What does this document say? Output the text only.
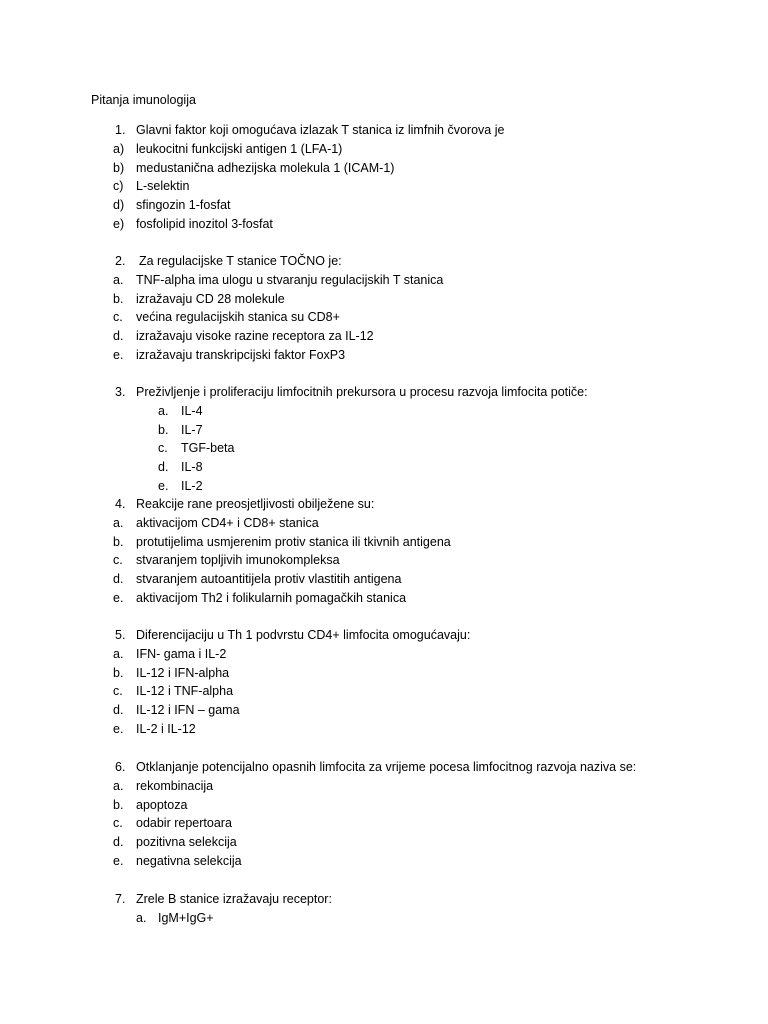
Pitanja imunologija
1. Glavni faktor koji omogućava izlazak T stanica iz limfnih čvorova je
a) leukocitni funkcijski antigen 1 (LFA-1)
b) medustanična adhezijska molekula 1 (ICAM-1)
c) L-selektin
d) sfingozin 1-fosfat
e) fosfolipid inozitol 3-fosfat
2. Za regulacijske T stanice TOČNO je:
a. TNF-alpha ima ulogu u stvaranju regulacijskih T stanica
b. izražavaju CD 28 molekule
c. većina regulacijskih stanica su CD8+
d. izražavaju visoke razine receptora za IL-12
e. izražavaju transkripcijski faktor FoxP3
3. Preživljenje i proliferaciju limfocitnih prekursora u procesu razvoja limfocita potiče:
a. IL-4
b. IL-7
c. TGF-beta
d. IL-8
e. IL-2
4. Reakcije rane preosjetljivosti obilježene su:
a. aktivacijom CD4+ i CD8+ stanica
b. protutijelima usmjerenim protiv stanica ili tkivnih antigena
c. stvaranjem topljivih imunokompleksa
d. stvaranjem autoantitijela protiv vlastitih antigena
e. aktivacijom Th2 i folikularnih pomagačkih stanica
5. Diferencijaciju u Th 1 podvrstu CD4+ limfocita omogućavaju:
a. IFN- gama i IL-2
b. IL-12 i IFN-alpha
c. IL-12 i TNF-alpha
d. IL-12 i IFN – gama
e. IL-2 i IL-12
6. Otklanjanje potencijalno opasnih limfocita za vrijeme pocesa limfocitnog razvoja naziva se:
a. rekombinacija
b. apoptoza
c. odabir repertoara
d. pozitivna selekcija
e. negativna selekcija
7. Zrele B stanice izražavaju receptor:
a. IgM+IgG+
